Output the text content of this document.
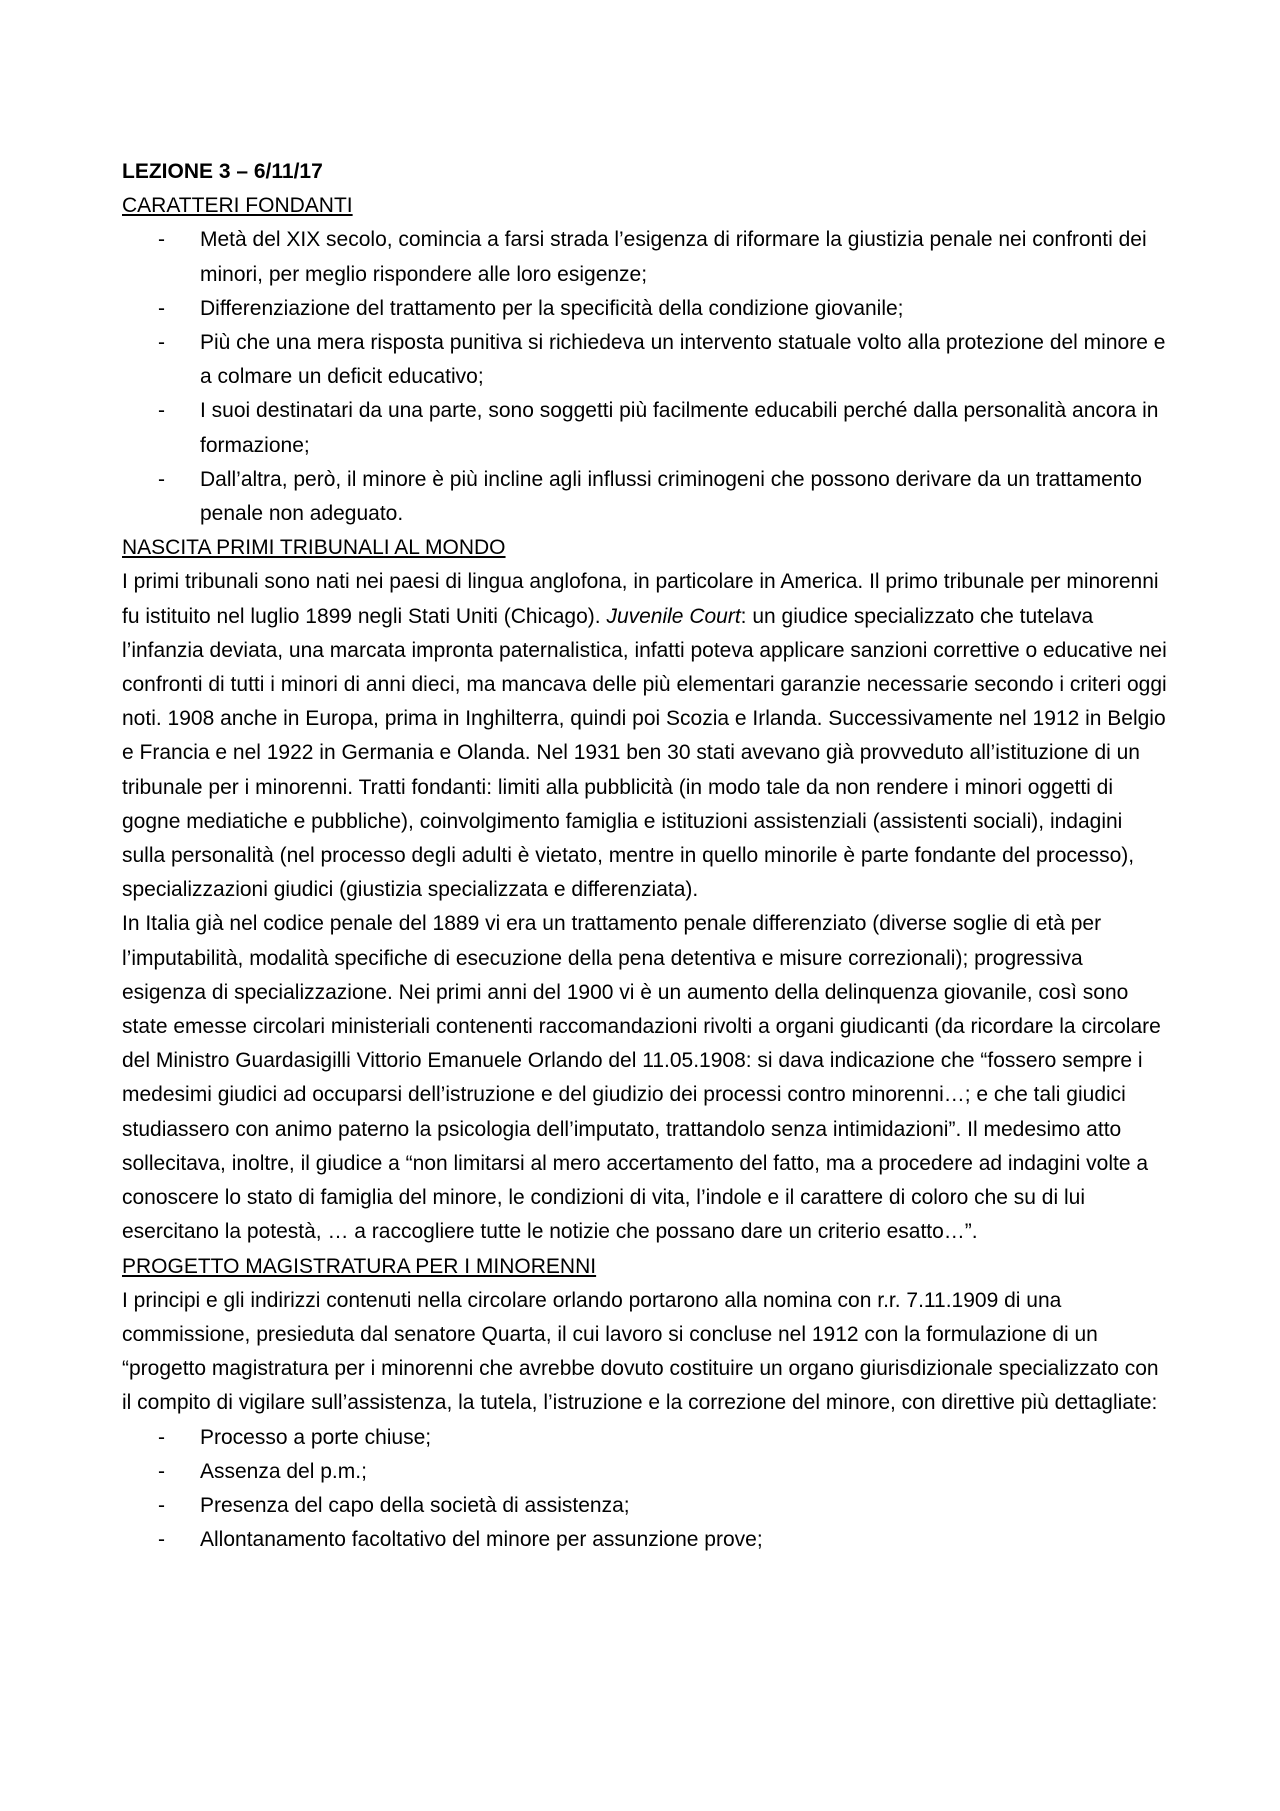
LEZIONE 3 – 6/11/17

CARATTERI FONDANTI

- Metà del XIX secolo, comincia a farsi strada l’esigenza di riformare la giustizia penale nei confronti dei minori, per meglio rispondere alle loro esigenze;
- Differenziazione del trattamento per la specificità della condizione giovanile;
- Più che una mera risposta punitiva si richiedeva un intervento statuale volto alla protezione del minore e a colmare un deficit educativo;
- I suoi destinatari da una parte, sono soggetti più facilmente educabili perché dalla personalità ancora in formazione;
- Dall’altra, però, il minore è più incline agli influssi criminogeni che possono derivare da un trattamento penale non adeguato.

NASCITA PRIMI TRIBUNALI AL MONDO

I primi tribunali sono nati nei paesi di lingua anglofona, in particolare in America. Il primo tribunale per minorenni fu istituito nel luglio 1899 negli Stati Uniti (Chicago). Juvenile Court: un giudice specializzato che tutelava l’infanzia deviata, una marcata impronta paternalistica, infatti poteva applicare sanzioni correttive o educative nei confronti di tutti i minori di anni dieci, ma mancava delle più elementari garanzie necessarie secondo i criteri oggi noti. 1908 anche in Europa, prima in Inghilterra, quindi poi Scozia e Irlanda. Successivamente nel 1912 in Belgio e Francia e nel 1922 in Germania e Olanda. Nel 1931 ben 30 stati avevano già provveduto all’istituzione di un tribunale per i minorenni. Tratti fondanti: limiti alla pubblicità (in modo tale da non rendere i minori oggetti di gogne mediatiche e pubbliche), coinvolgimento famiglia e istituzioni assistenziali (assistenti sociali), indagini sulla personalità (nel processo degli adulti è vietato, mentre in quello minorile è parte fondante del processo), specializzazioni giudici (giustizia specializzata e differenziata).

In Italia già nel codice penale del 1889 vi era un trattamento penale differenziato (diverse soglie di età per l’imputabilità, modalità specifiche di esecuzione della pena detentiva e misure correzionali); progressiva esigenza di specializzazione. Nei primi anni del 1900 vi è un aumento della delinquenza giovanile, così sono state emesse circolari ministeriali contenenti raccomandazioni rivolti a organi giudicanti (da ricordare la circolare del Ministro Guardasigilli Vittorio Emanuele Orlando del 11.05.1908: si dava indicazione che “fossero sempre i medesimi giudici ad occuparsi dell’istruzione e del giudizio dei processi contro minorenni…; e che tali giudici studiassero con animo paterno la psicologia dell’imputato, trattandolo senza intimidazioni”. Il medesimo atto sollecitava, inoltre, il giudice a “non limitarsi al mero accertamento del fatto, ma a procedere ad indagini volte a conoscere lo stato di famiglia del minore, le condizioni di vita, l’indole e il carattere di coloro che su di lui esercitano la potestà, … a raccogliere tutte le notizie che possano dare un criterio esatto…”.

PROGETTO MAGISTRATURA PER I MINORENNI

I principi e gli indirizzi contenuti nella circolare orlando portarono alla nomina con r.r. 7.11.1909 di una commissione, presieduta dal senatore Quarta, il cui lavoro si concluse nel 1912 con la formulazione di un “progetto magistratura per i minorenni che avrebbe dovuto costituire un organo giurisdizionale specializzato con il compito di vigilare sull’assistenza, la tutela, l’istruzione e la correzione del minore, con direttive più dettagliate:

- Processo a porte chiuse;
- Assenza del p.m.;
- Presenza del capo della società di assistenza;
- Allontanamento facoltativo del minore per assunzione prove;
